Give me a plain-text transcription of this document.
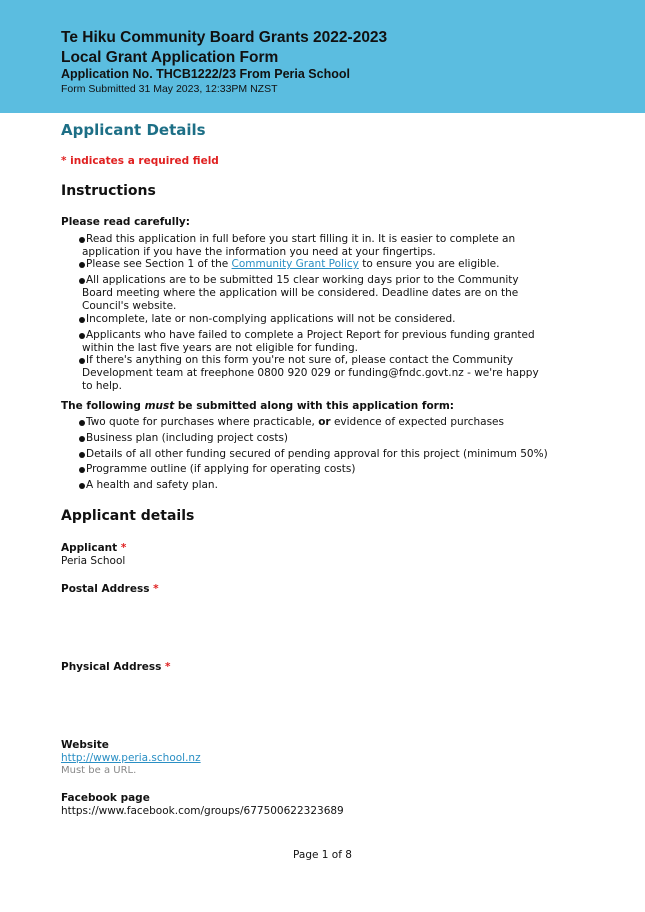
Te Hiku Community Board Grants 2022-2023
Local Grant Application Form
Application No. THCB1222/23 From Peria School
Form Submitted 31 May 2023, 12:33PM NZST
Applicant Details
* indicates a required field
Instructions
Please read carefully:
Read this application in full before you start filling it in. It is easier to complete an
application if you have the information you need at your fingertips.
Please see Section 1 of the Community Grant Policy to ensure you are eligible.
All applications are to be submitted 15 clear working days prior to the Community
Board meeting where the application will be considered. Deadline dates are on the
Council's website.
Incomplete, late or non-complying applications will not be considered.
Applicants who have failed to complete a Project Report for previous funding granted
within the last five years are not eligible for funding.
If there's anything on this form you're not sure of, please contact the Community
Development team at freephone 0800 920 029 or funding@fndc.govt.nz - we're happy
to help.
The following must be submitted along with this application form:
Two quote for purchases where practicable, or evidence of expected purchases
Business plan (including project costs)
Details of all other funding secured of pending approval for this project (minimum 50%)
Programme outline (if applying for operating costs)
A health and safety plan.
Applicant details
Applicant *
Peria School
Postal Address *
Physical Address *
Website
http://www.peria.school.nz
Must be a URL.
Facebook page
https://www.facebook.com/groups/677500622323689
Page 1 of 8
